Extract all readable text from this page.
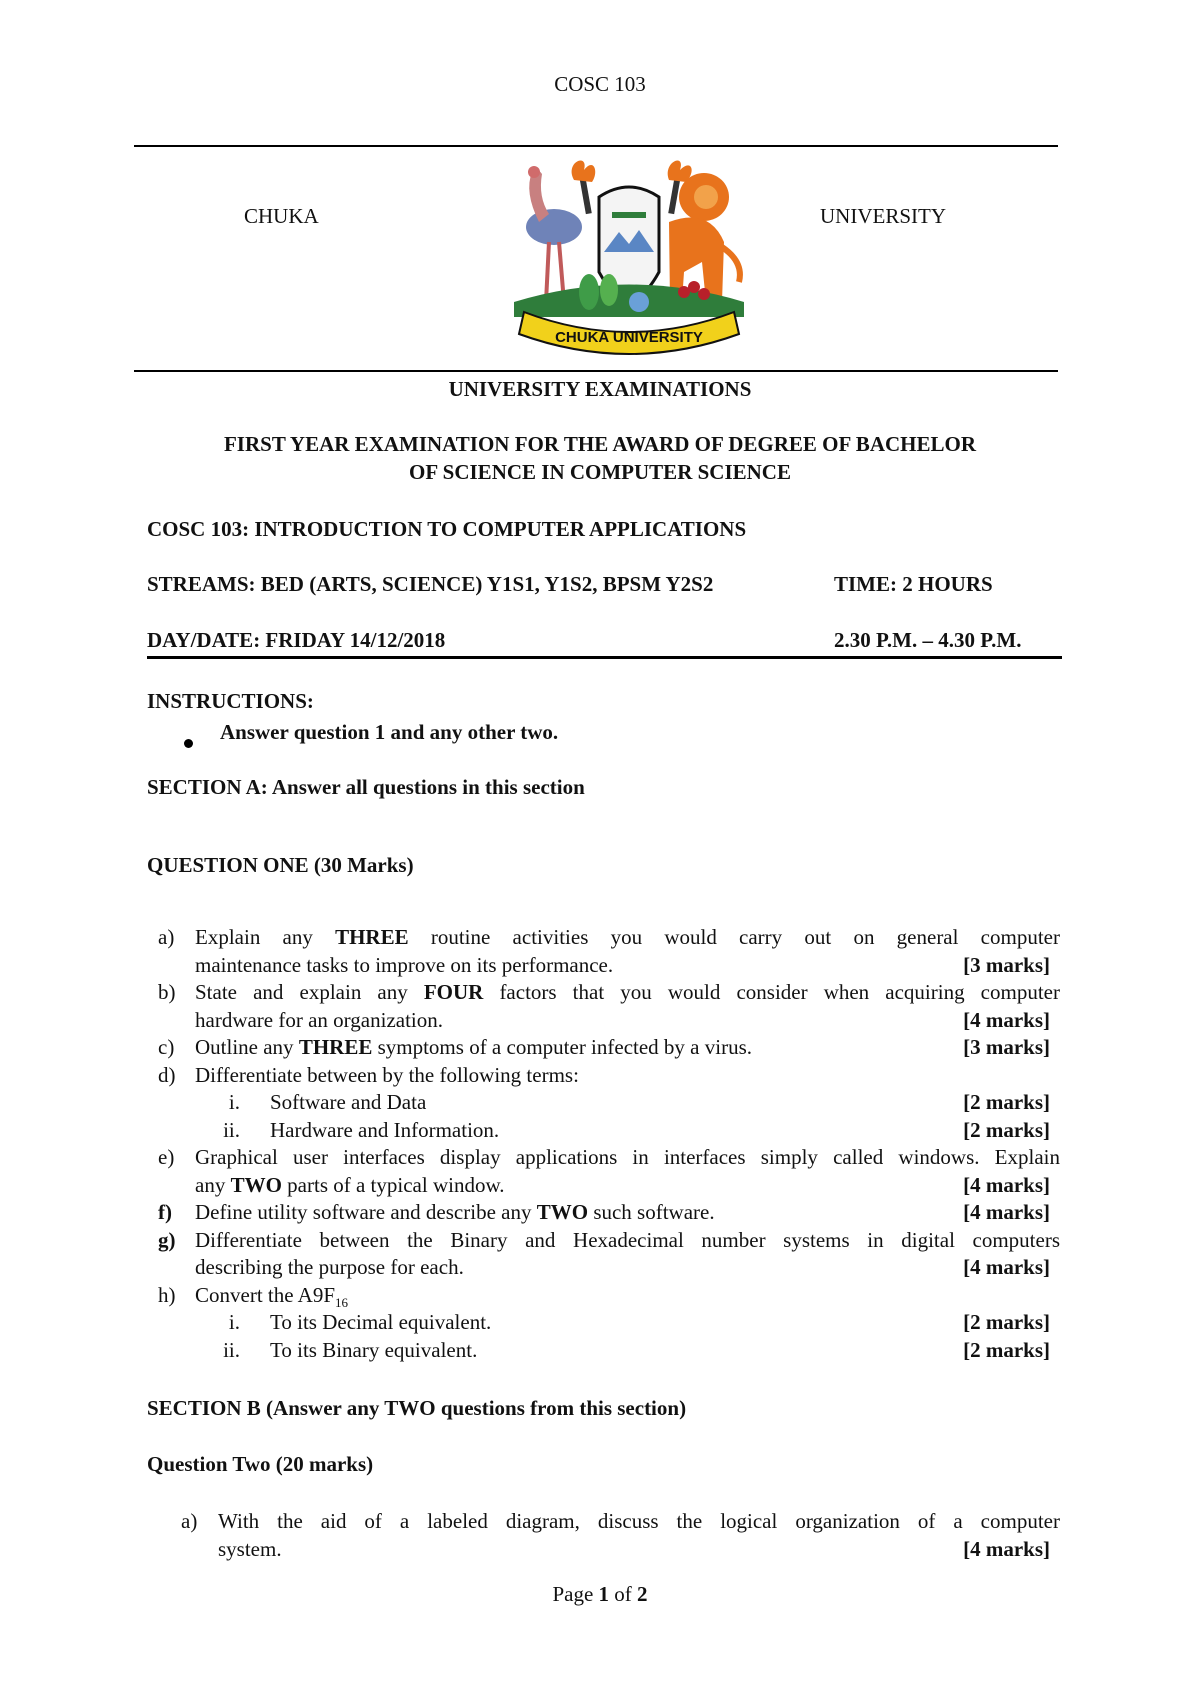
COSC 103
CHUKA	UNIVERSITY
CHUKA UNIVERSITY
UNIVERSITY EXAMINATIONS
FIRST YEAR EXAMINATION FOR THE AWARD OF DEGREE OF BACHELOR
OF SCIENCE IN COMPUTER SCIENCE
COSC 103: INTRODUCTION TO COMPUTER APPLICATIONS
STREAMS: BED (ARTS, SCIENCE) Y1S1, Y1S2, BPSM Y2S2	TIME: 2 HOURS
DAY/DATE: FRIDAY 14/12/2018	2.30 P.M. – 4.30 P.M.
INSTRUCTIONS:
Answer question 1 and any other two.
SECTION A: Answer all questions in this section
QUESTION ONE (30 Marks)
a) Explain any THREE routine activities you would carry out on general computer
maintenance tasks to improve on its performance.	[3 marks]
b) State and explain any FOUR factors that you would consider when acquiring computer
hardware for an organization.	[4 marks]
c) Outline any THREE symptoms of a computer infected by a virus.	[3 marks]
d) Differentiate between by the following terms:
i. Software and Data	[2 marks]
ii. Hardware and Information.	[2 marks]
e) Graphical user interfaces display applications in interfaces simply called windows. Explain
any TWO parts of a typical window.	[4 marks]
f)	Define utility software and describe any TWO such software.	[4 marks]
g) Differentiate between the Binary and Hexadecimal number systems in digital computers
describing the purpose for each.	[4 marks]
h) Convert the $A9F_{16}$
i. To its Decimal equivalent.	[2 marks]
ii. To its Binary equivalent.	[2 marks]
SECTION B (Answer any TWO questions from this section)
Question Two (20 marks)
a) With the aid of a labeled diagram, discuss the logical organization of a computer
system.	[4 marks]
Page 1 of 2
